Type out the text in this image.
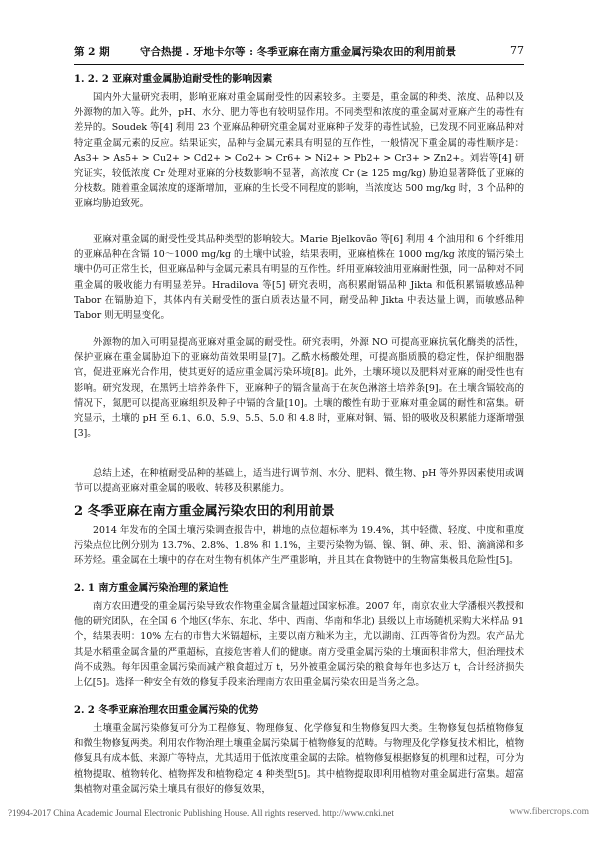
第 2 期	守合热提 . 牙地卡尔等 : 冬季亚麻在南方重金属污染农田的利用前景	77
1. 2. 2 亚麻对重金属胁迫耐受性的影响因素

国内外大量研究表明，影响亚麻对重金属耐受性的因素较多。主要是，重金属的种类、浓度、品种以及外源物的加入等。此外，pH、水分、肥力等也有较明显作用。不同类型和浓度的重金属对亚麻产生的毒性有差异的。Soudek 等[4] 利用 23 个亚麻品种研究重金属对亚麻种子发芽的毒性试验，已发现不同亚麻品种对特定重金属元素的反应。结果证实，品种与金属元素具有明显的互作性，一般情况下重金属的毒性顺序是：As3+ > As5+ > Cu2+ > Cd2+ > Co2+ > Cr6+ > Ni2+ > Pb2+ > Cr3+ > Zn2+。刘岩等[4] 研究证实，较低浓度 Cr 处理对亚麻的分枝数影响不显著，高浓度 Cr (≥ 125 mg/kg) 胁迫显著降低了亚麻的分枝数。随着重金属浓度的逐渐增加，亚麻的生长受不同程度的影响，当浓度达 500 mg/kg 时，3 个品种的亚麻均胁迫致死。

亚麻对重金属的耐受性受其品种类型的影响较大。Marie Bjelkovão 等[6] 利用 4 个油用和 6 个纤维用的亚麻品种在含镉 10～1000 mg/kg 的土壤中试验，结果表明，亚麻植株在 1000 mg/kg 浓度的镉污染土壤中仍可正常生长，但亚麻品种与金属元素具有明显的互作性。纤用亚麻较油用亚麻耐性强，同一品种对不同重金属的吸收能力有明显差异。Hradilova 等[5] 研究表明，高积累耐镉品种 Jikta 和低积累镉敏感品种 Tabor 在镉胁迫下，其体内有关耐受性的蛋白质表达量不同，耐受品种 Jikta 中表达量上调，而敏感品种 Tabor 则无明显变化。

外源物的加入可明显提高亚麻对重金属的耐受性。研究表明，外源 NO 可提高亚麻抗氧化酶类的活性，保护亚麻在重金属胁迫下的亚麻幼苗效果明显[7]。乙酰水杨酸处理，可提高脂质膜的稳定性，保护细胞器官，促进亚麻光合作用，使其更好的适应重金属污染环境[8]。此外，土壤环境以及肥料对亚麻的耐受性也有影响。研究发现，在黑钙土培养条件下，亚麻种子的镉含量高于在灰色淋溶土培养条[9]。在土壤含镉较高的情况下，氮肥可以提高亚麻组织及种子中镉的含量[10]。土壤的酸性有助于亚麻对重金属的耐性和富集。研究显示，土壤的 pH 至 6.1、6.0、5.9、5.5、5.0 和 4.8 时，亚麻对铜、镉、铅的吸收及积累能力逐渐增强[3]。

总结上述，在种植耐受品种的基础上，适当进行调节剂、水分、肥料、微生物、pH 等外界因素使用或调节可以提高亚麻对重金属的吸收、转移及积累能力。

2 冬季亚麻在南方重金属污染农田的利用前景

2014 年发布的全国土壤污染调查报告中，耕地的点位超标率为 19.4%，其中轻微、轻度、中度和重度污染点位比例分别为 13.7%、2.8%、1.8% 和 1.1%，主要污染物为镉、镍、铜、砷、汞、铅、滴滴涕和多环芳烃。重金属在土壤中的存在对生物有机体产生严重影响，并且其在食物链中的生物富集极具危险性[5]。

2. 1 南方重金属污染治理的紧迫性

南方农田遭受的重金属污染导致农作物重金属含量超过国家标准。2007 年，南京农业大学潘根兴教授和他的研究团队，在全国 6 个地区(华东、东北、华中、西南、华南和华北) 县级以上市场随机采购大米样品 91 个，结果表明：10% 左右的市售大米镉超标，主要以南方籼米为主，尤以湖南、江西等省份为烈。农产品尤其是水稻重金属含量的严重超标，直接危害着人们的健康。南方受重金属污染的土壤面积非常大，但治理技术尚不成熟。每年因重金属污染而减产粮食超过万 t，另外被重金属污染的粮食每年也多达万 t，合计经济损失上亿[5]。选择一种安全有效的修复手段来治理南方农田重金属污染农田是当务之急。

2. 2 冬季亚麻治理农田重金属污染的优势

土壤重金属污染修复可分为工程修复、物理修复、化学修复和生物修复四大类。生物修复包括植物修复和微生物修复两类。利用农作物治理土壤重金属污染属于植物修复的范畴。与物理及化学修复技术相比，植物修复具有成本低、来源广等特点，尤其适用于低浓度重金属的去除。植物修复根据修复的机理和过程，可分为植物提取、植物转化、植物挥发和植物稳定 4 种类型[5]。其中植物提取即利用植物对重金属进行富集。超富集植物对重金属污染土壤具有很好的修复效果，

?1994-2017 China Academic Journal Electronic Publishing House. All rights reserved. http://www.cnki.net	www.fibercrops.com
